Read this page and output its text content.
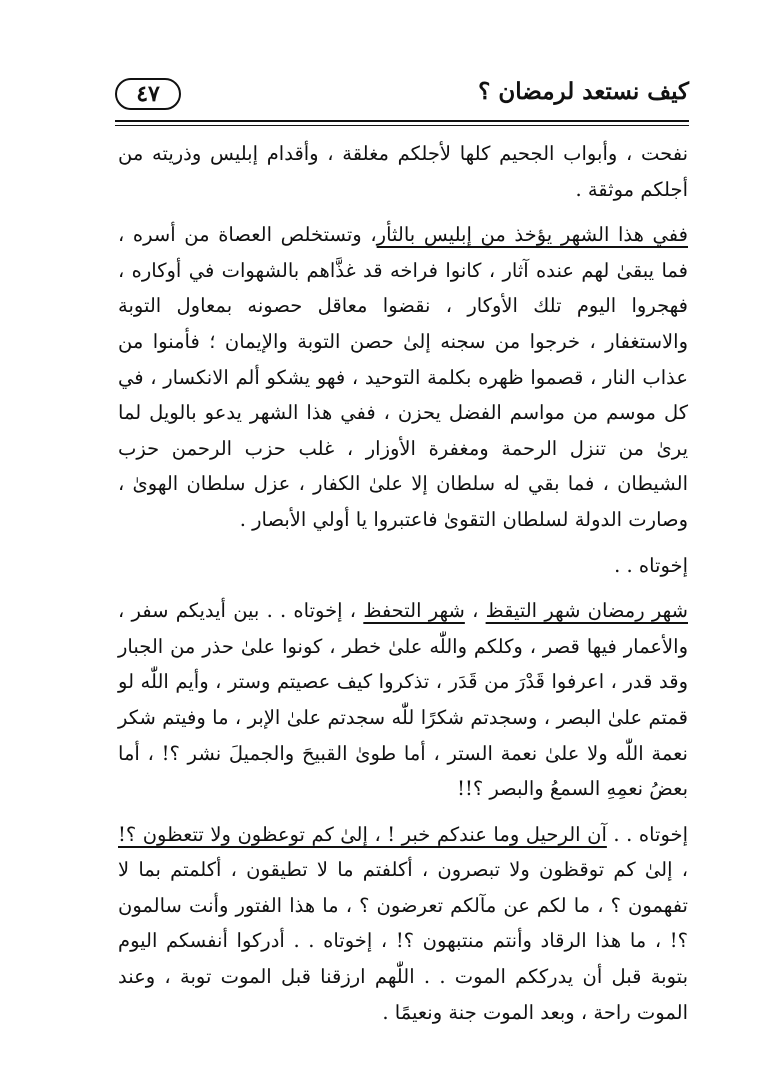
كيف نستعد لرمضان ؟
٤٧

نفحت ، وأبواب الجحيم كلها لأجلكم مغلقة ، وأقدام إبليس وذريته من أجلكم موثقة .

ففي هذا الشهر يؤخذ من إبليس بالثأر، وتستخلص العصاة من أسره ، فما يبقىٰ لهم عنده آثار ، كانوا فراخه قد غذَّاهم بالشهوات في أوكاره ، فهجروا اليوم تلك الأوكار ، نقضوا معاقل حصونه بمعاول التوبة والاستغفار ، خرجوا من سجنه إلىٰ حصن التوبة والإيمان ؛ فأمنوا من عذاب النار ، قصموا ظهره بكلمة التوحيد ، فهو يشكو ألم الانكسار ، في كل موسم من مواسم الفضل يحزن ، ففي هذا الشهر يدعو بالويل لما يرىٰ من تنزل الرحمة ومغفرة الأوزار ، غلب حزب الرحمن حزب الشيطان ، فما بقي له سلطان إلا علىٰ الكفار ، عزل سلطان الهوىٰ ، وصارت الدولة لسلطان التقوىٰ فاعتبروا يا أولي الأبصار .

إخوتاه . .

شهر رمضان شهر التيقظ ، شهر التحفظ ، إخوتاه . . بين أيديكم سفر ، والأعمار فيها قصر ، وكلكم واللّٰه علىٰ خطر ، كونوا علىٰ حذر من الجبار وقد قدر ، اعرفوا قَدْرَ من قَدَر ، تذكروا كيف عصيتم وستر ، وأيم اللّٰه لو قمتم علىٰ البصر ، وسجدتم شكرًا للّٰه سجدتم علىٰ الإبر ، ما وفيتم شكر نعمة اللّٰه ولا علىٰ نعمة الستر ، أما طوىٰ القبيحَ والجميلَ نشر ؟! ، أما بعضُ نعمِهِ السمعُ والبصر ؟!!

إخوتاه . . آن الرحيل وما عندكم خبر ! ، إلىٰ كم توعظون ولا تتعظون ؟! ، إلىٰ كم توقظون ولا تبصرون ، أكلفتم ما لا تطيقون ، أكلمتم بما لا تفهمون ؟ ، ما لكم عن مآلكم تعرضون ؟ ، ما هذا الفتور وأنت سالمون ؟! ، ما هذا الرقاد وأنتم منتبهون ؟! ، إخوتاه . . أدركوا أنفسكم اليوم بتوبة قبل أن يدرككم الموت . . اللّٰهم ارزقنا قبل الموت توبة ، وعند الموت راحة ، وبعد الموت جنة ونعيمًا .
